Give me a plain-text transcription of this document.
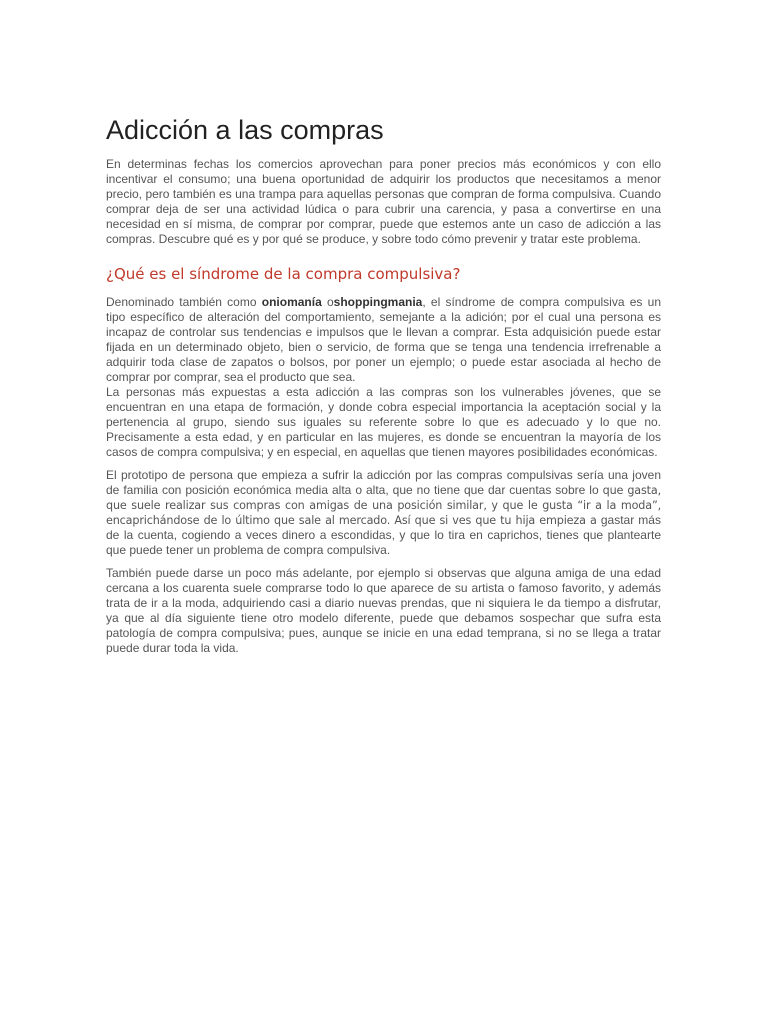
Adicción a las compras

En determinas fechas los comercios aprovechan para poner precios más económicos y con ello incentivar el consumo; una buena oportunidad de adquirir los productos que necesitamos a menor precio, pero también es una trampa para aquellas personas que compran de forma compulsiva. Cuando comprar deja de ser una actividad lúdica o para cubrir una carencia, y pasa a convertirse en una necesidad en sí misma, de comprar por comprar, puede que estemos ante un caso de adicción a las compras. Descubre qué es y por qué se produce, y sobre todo cómo prevenir y tratar este problema.

¿Qué es el síndrome de la compra compulsiva?

Denominado también como oniomanía oshoppingmania, el síndrome de compra compulsiva es un tipo específico de alteración del comportamiento, semejante a la adición; por el cual una persona es incapaz de controlar sus tendencias e impulsos que le llevan a comprar. Esta adquisición puede estar fijada en un determinado objeto, bien o servicio, de forma que se tenga una tendencia irrefrenable a adquirir toda clase de zapatos o bolsos, por poner un ejemplo; o puede estar asociada al hecho de comprar por comprar, sea el producto que sea.

La personas más expuestas a esta adicción a las compras son los vulnerables jóvenes, que se encuentran en una etapa de formación, y donde cobra especial importancia la aceptación social y la pertenencia al grupo, siendo sus iguales su referente sobre lo que es adecuado y lo que no. Precisamente a esta edad, y en particular en las mujeres, es donde se encuentran la mayoría de los casos de compra compulsiva; y en especial, en aquellas que tienen mayores posibilidades económicas.

El prototipo de persona que empieza a sufrir la adicción por las compras compulsivas sería una joven de familia con posición económica media alta o alta, que no tiene que dar cuentas sobre lo que gasta, que suele realizar sus compras con amigas de una posición similar, y que le gusta “ir a la moda”, encaprichándose de lo último que sale al mercado. Así que si ves que tu hija empieza a gastar más de la cuenta, cogiendo a veces dinero a escondidas, y que lo tira en caprichos, tienes que plantearte que puede tener un problema de compra compulsiva.

También puede darse un poco más adelante, por ejemplo si observas que alguna amiga de una edad cercana a los cuarenta suele comprarse todo lo que aparece de su artista o famoso favorito, y además trata de ir a la moda, adquiriendo casi a diario nuevas prendas, que ni siquiera le da tiempo a disfrutar, ya que al día siguiente tiene otro modelo diferente, puede que debamos sospechar que sufra esta patología de compra compulsiva; pues, aunque se inicie en una edad temprana, si no se llega a tratar puede durar toda la vida.
